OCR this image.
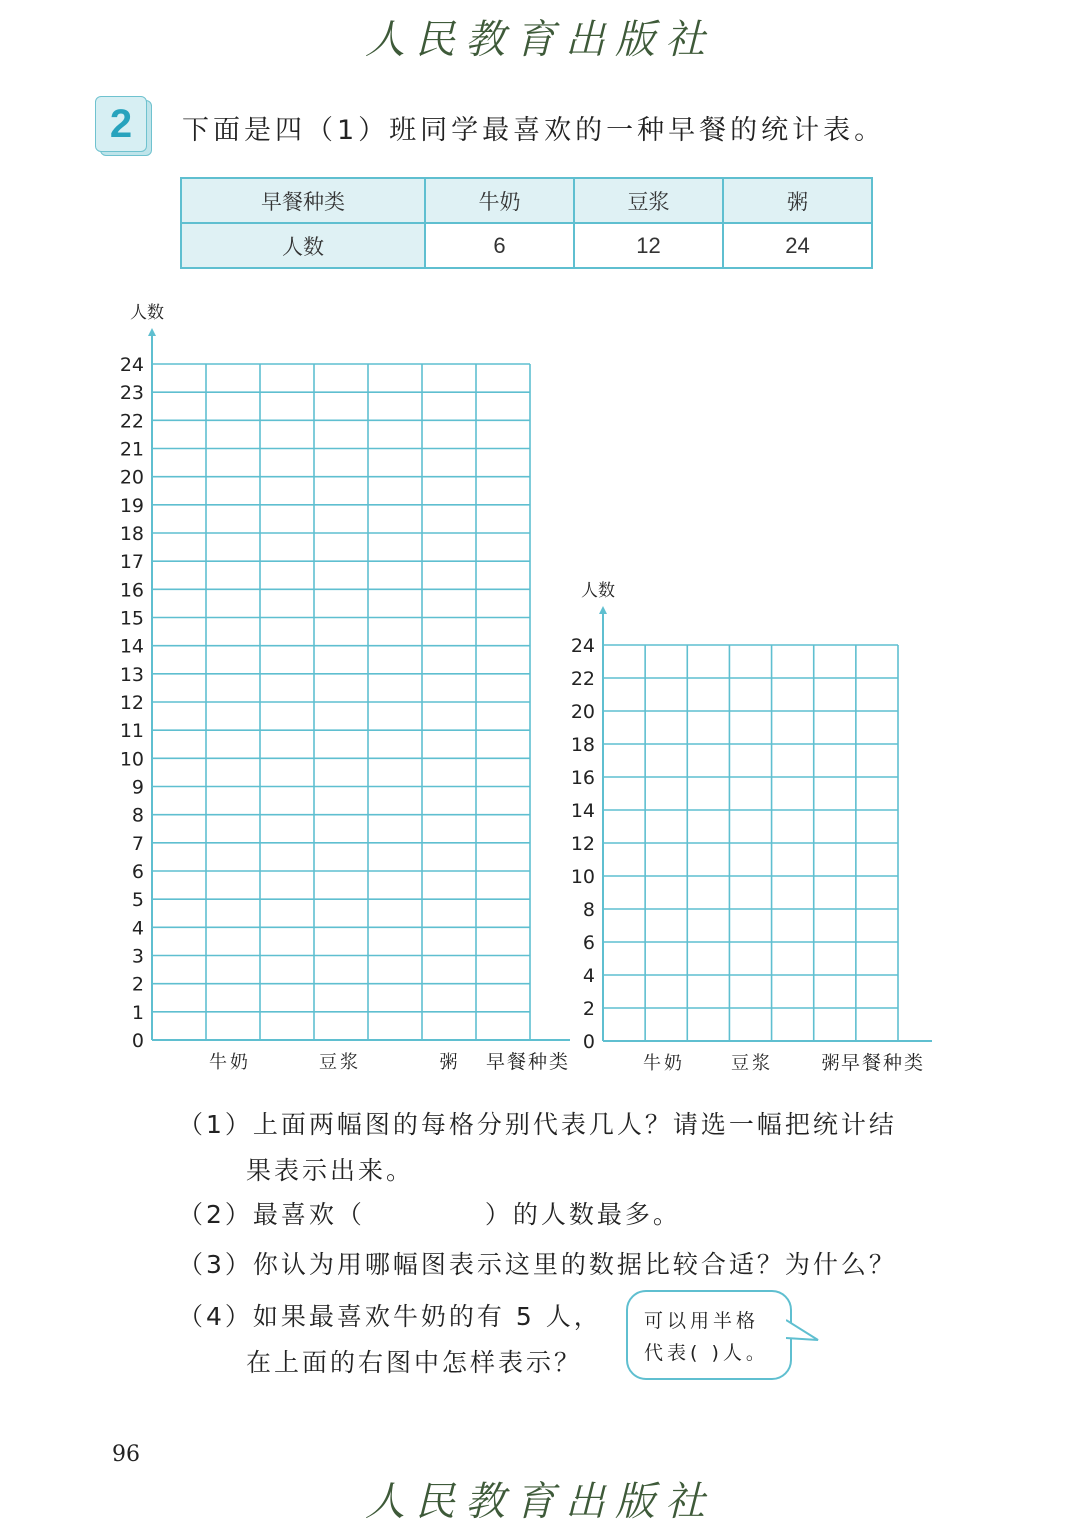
人民教育出版社
2	下面是四（1）班同学最喜欢的一种早餐的统计表。
早餐种类	牛奶	豆浆	粥
人数	6	12	24
人数
0
1
2
3
4
5
6
7
8
9
10
11
12
13
14
15
16
17
18
19
20
21
22
23
24
牛奶	豆浆	粥 早餐种类
人数
0
2
4
6
8
10
12
14
16
18
20
22
24
牛奶	豆浆	粥
早餐种类
（1）上面两幅图的每格分别代表几人？请选一幅把统计结
果表示出来。
（2）最喜欢（	）的人数最多。
（3）你认为用哪幅图表示这里的数据比较合适？为什么？
（4）如果最喜欢牛奶的有 5 人，
在上面的右图中怎样表示？
可以用半格
代表( )人。
96
人民教育出版社
